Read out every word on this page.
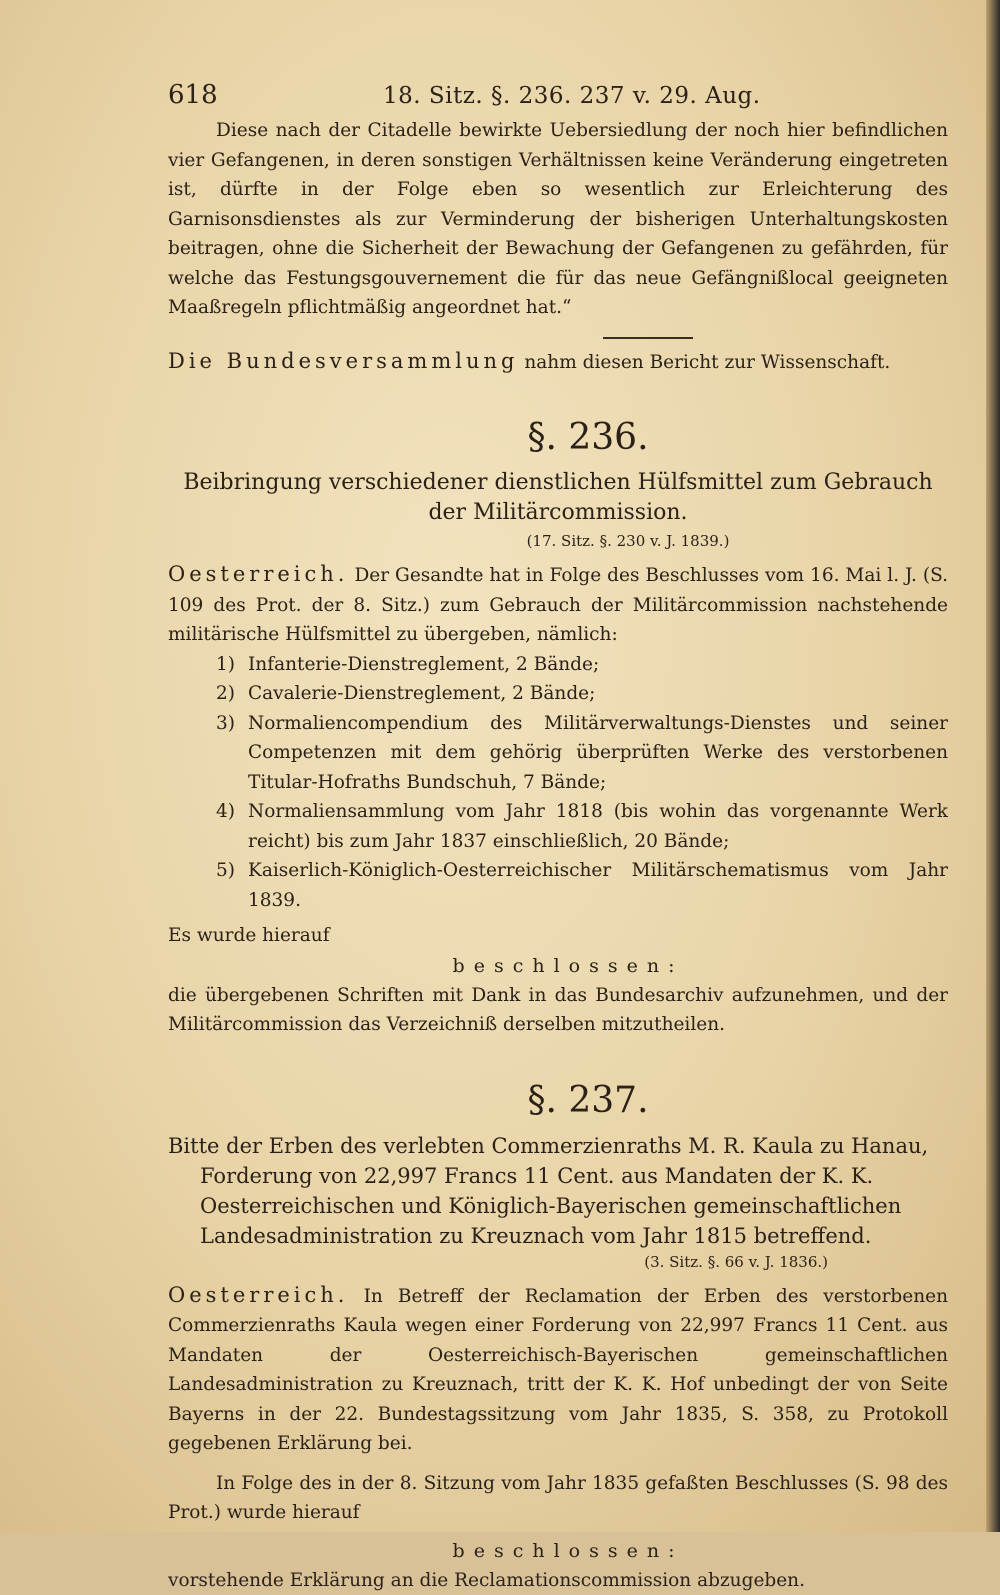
618	18. Sitz. §. 236. 237 v. 29. Aug.

Diese nach der Citadelle bewirkte Uebersiedlung der noch hier befindlichen vier Gefangenen, in deren sonstigen Verhältnissen keine Veränderung eingetreten ist, dürfte in der Folge eben so wesentlich zur Erleichterung des Garnisonsdienstes als zur Verminderung der bisherigen Unterhaltungskosten beitragen, ohne die Sicherheit der Bewachung der Gefangenen zu gefährden, für welche das Festungsgouvernement die für das neue Gefängnißlocal geeigneten Maaßregeln pflichtmäßig angeordnet hat.“

Die Bundesversammlung nahm diesen Bericht zur Wissenschaft.

§. 236.
Beibringung verschiedener dienstlichen Hülfsmittel zum Gebrauch der Militärcommission.
(17. Sitz. §. 230 v. J. 1839.)

Oesterreich. Der Gesandte hat in Folge des Beschlusses vom 16. Mai l. J. (S. 109 des Prot. der 8. Sitz.) zum Gebrauch der Militärcommission nachstehende militärische Hülfsmittel zu übergeben, nämlich:

1) Infanterie-Dienstreglement, 2 Bände;
2) Cavalerie-Dienstreglement, 2 Bände;
3) Normaliencompendium des Militärverwaltungs-Dienstes und seiner Competenzen mit dem gehörig überprüften Werke des verstorbenen Titular-Hofraths Bundschuh, 7 Bände;
4) Normaliensammlung vom Jahr 1818 (bis wohin das vorgenannte Werk reicht) bis zum Jahr 1837 einschließlich, 20 Bände;
5) Kaiserlich-Königlich-Oesterreichischer Militärschematismus vom Jahr 1839.

Es wurde hierauf

beschlossen:

die übergebenen Schriften mit Dank in das Bundesarchiv aufzunehmen, und der Militärcommission das Verzeichniß derselben mitzutheilen.

§. 237.
Bitte der Erben des verlebten Commerzienraths M. R. Kaula zu Hanau, Forderung von 22,997 Francs 11 Cent. aus Mandaten der K. K. Oesterreichischen und Königlich-Bayerischen gemeinschaftlichen Landesadministration zu Kreuznach vom Jahr 1815 betreffend.
(3. Sitz. §. 66 v. J. 1836.)

Oesterreich. In Betreff der Reclamation der Erben des verstorbenen Commerzienraths Kaula wegen einer Forderung von 22,997 Francs 11 Cent. aus Mandaten der Oesterreichisch-Bayerischen gemeinschaftlichen Landesadministration zu Kreuznach, tritt der K. K. Hof unbedingt der von Seite Bayerns in der 22. Bundestagssitzung vom Jahr 1835, S. 358, zu Protokoll gegebenen Erklärung bei.

In Folge des in der 8. Sitzung vom Jahr 1835 gefaßten Beschlusses (S. 98 des Prot.) wurde hierauf

beschlossen:

vorstehende Erklärung an die Reclamationscommission abzugeben.
